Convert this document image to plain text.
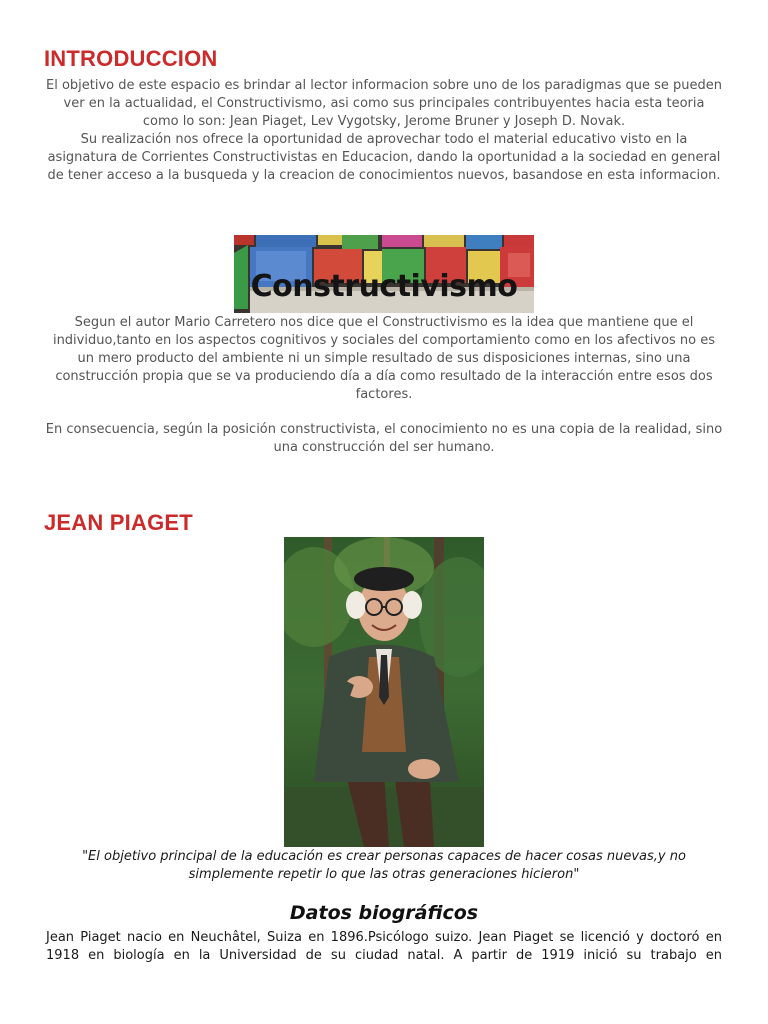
INTRODUCCION

El objetivo de este espacio es brindar al lector informacion sobre uno de los paradigmas que se pueden ver en la actualidad, el Constructivismo, asi como sus principales contribuyentes hacia esta teoria como lo son: Jean Piaget, Lev Vygotsky, Jerome Bruner y Joseph D. Novak.

Su realización nos ofrece la oportunidad de aprovechar todo el material educativo visto en la asignatura de Corrientes Constructivistas en Educacion, dando la oportunidad a la sociedad en general de tener acceso a la busqueda y la creacion de conocimientos nuevos, basandose en esta informacion.

Constructivismo

Segun el autor Mario Carretero nos dice que el Constructivismo es la idea que mantiene que el individuo,tanto en los aspectos cognitivos y sociales del comportamiento como en los afectivos no es un mero producto del ambiente ni un simple resultado de sus disposiciones internas, sino una construcción propia que se va produciendo día a día como resultado de la interacción entre esos dos factores.

En consecuencia, según la posición constructivista, el conocimiento no es una copia de la realidad, sino una construcción del ser humano.

JEAN PIAGET

"El objetivo principal de la educación es crear personas capaces de hacer cosas nuevas,y no simplemente repetir lo que las otras generaciones hicieron"

Datos biográficos

Jean Piaget nacio en Neuchâtel, Suiza en 1896.Psicólogo suizo. Jean Piaget se licenció y doctoró en 1918 en biología en la Universidad de su ciudad natal. A partir de 1919 inició su trabajo en
